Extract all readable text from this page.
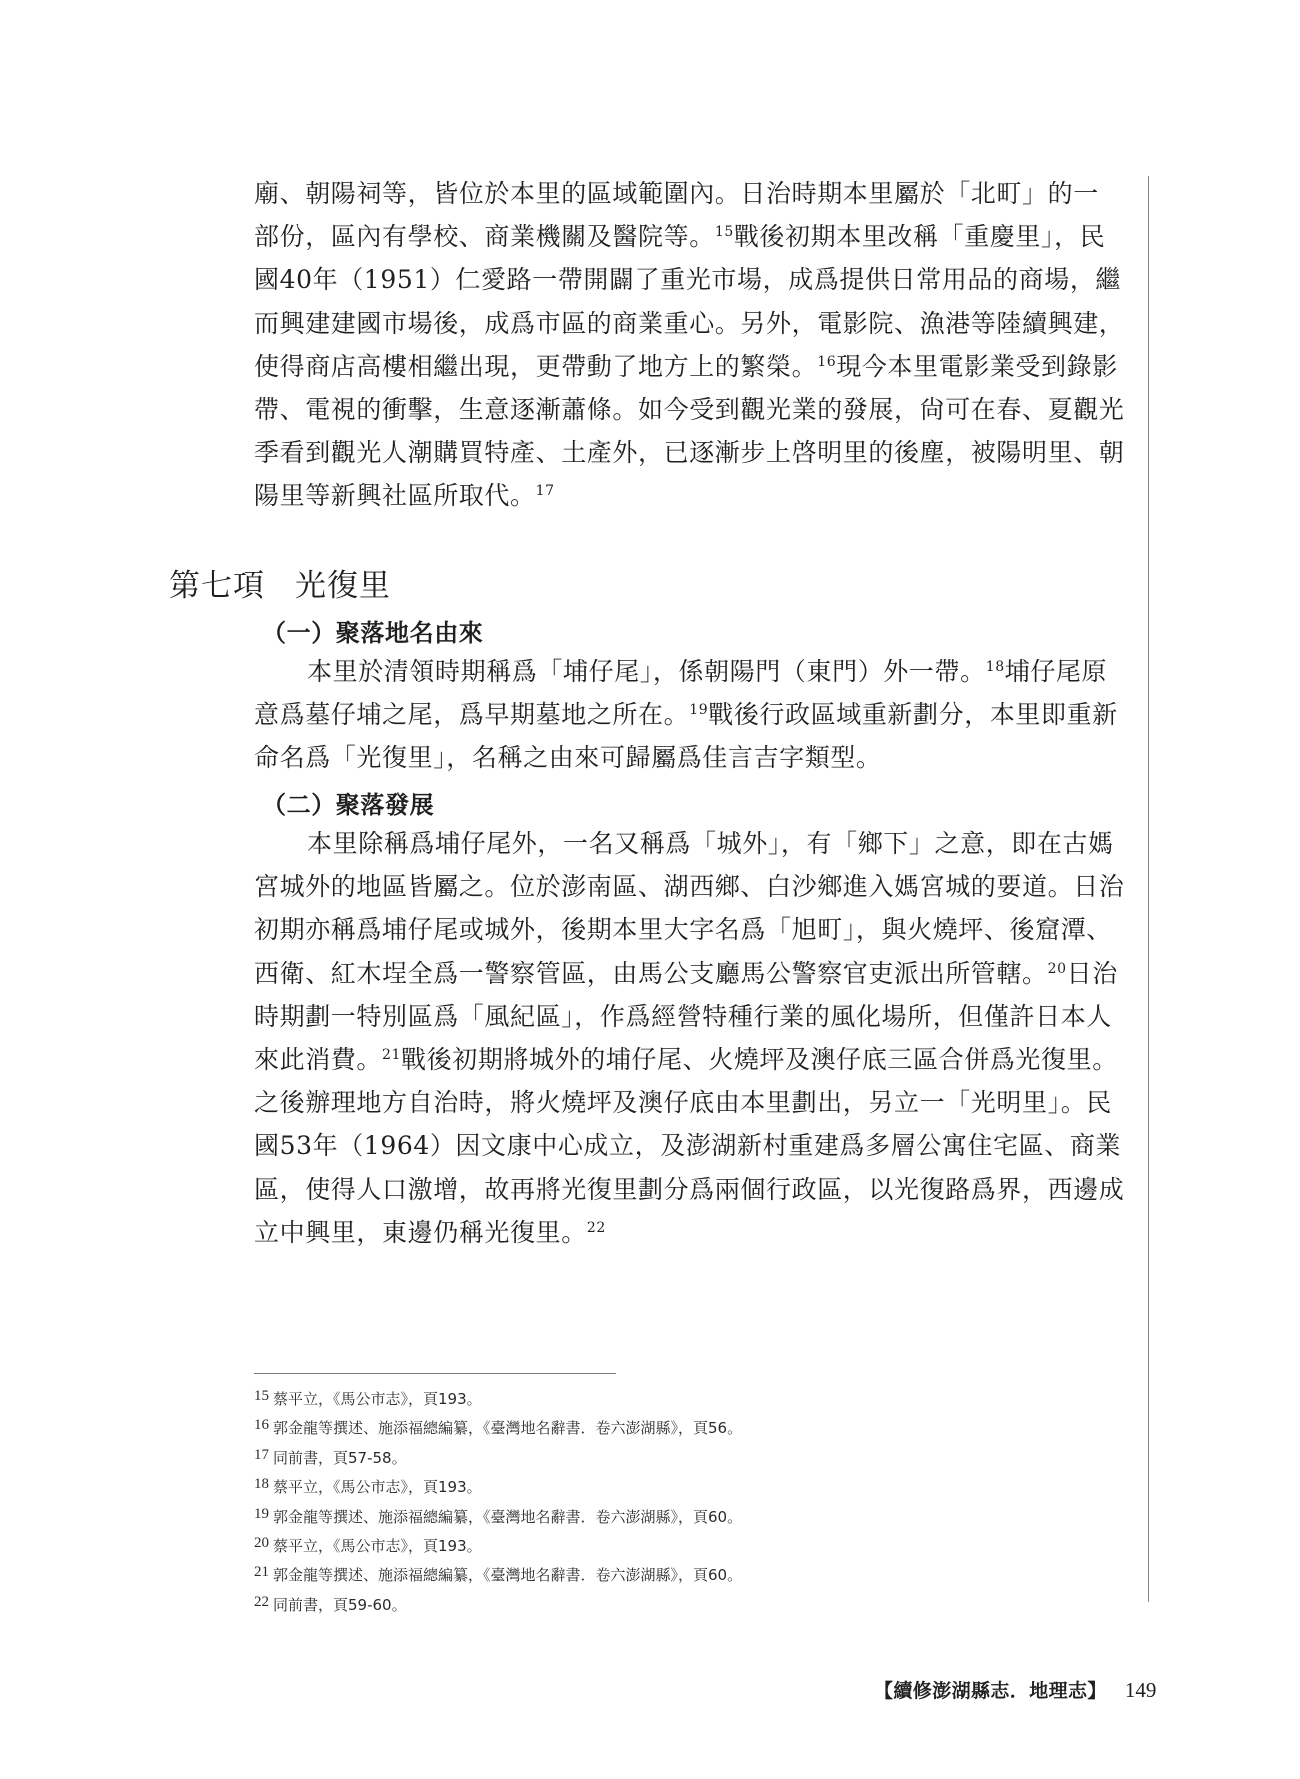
廟、朝陽祠等，皆位於本里的區域範圍內。日治時期本里屬於「北町」的一
部份，區內有學校、商業機關及醫院等。$^{15}$戰後初期本里改稱「重慶里」，民
國40年（1951）仁愛路一帶開闢了重光市場，成爲提供日常用品的商場，繼
而興建建國市場後，成爲市區的商業重心。另外，電影院、漁港等陸續興建，
使得商店高樓相繼出現，更帶動了地方上的繁榮。$^{16}$現今本里電影業受到錄影
帶、電視的衝擊，生意逐漸蕭條。如今受到觀光業的發展，尙可在春、夏觀光
季看到觀光人潮購買特產、土產外，已逐漸步上啓明里的後塵，被陽明里、朝
陽里等新興社區所取代。$^{17}$

第七項 光復里
（一）聚落地名由來

本里於清領時期稱爲「埔仔尾」，係朝陽門（東門）外一帶。$^{18}$埔仔尾原
意爲墓仔埔之尾，爲早期墓地之所在。$^{19}$戰後行政區域重新劃分，本里即重新
命名爲「光復里」，名稱之由來可歸屬爲佳言吉字類型。

（二）聚落發展

本里除稱爲埔仔尾外，一名又稱爲「城外」，有「鄉下」之意，即在古媽
宮城外的地區皆屬之。位於澎南區、湖西鄉、白沙鄉進入媽宮城的要道。日治
初期亦稱爲埔仔尾或城外，後期本里大字名爲「旭町」，與火燒坪、後窟潭、
西衛、紅木埕全爲一警察管區，由馬公支廳馬公警察官吏派出所管轄。$^{20}$日治
時期劃一特別區爲「風紀區」，作爲經營特種行業的風化場所，但僅許日本人
來此消費。$^{21}$戰後初期將城外的埔仔尾、火燒坪及澳仔底三區合併爲光復里。
之後辦理地方自治時，將火燒坪及澳仔底由本里劃出，另立一「光明里」。民
國53年（1964）因文康中心成立，及澎湖新村重建爲多層公寓住宅區、商業
區，使得人口激增，故再將光復里劃分爲兩個行政區，以光復路爲界，西邊成
立中興里，東邊仍稱光復里。$^{22}$

15 蔡平立，《馬公市志》，頁193。
16 郭金龍等撰述、施添福總編纂，《臺灣地名辭書．卷六澎湖縣》，頁56。
17 同前書，頁57-58。
18 蔡平立，《馬公市志》，頁193。
19 郭金龍等撰述、施添福總編纂，《臺灣地名辭書．卷六澎湖縣》，頁60。
20 蔡平立，《馬公市志》，頁193。
21 郭金龍等撰述、施添福總編纂，《臺灣地名辭書．卷六澎湖縣》，頁60。
22 同前書，頁59-60。
【續修澎湖縣志．地理志】 149
